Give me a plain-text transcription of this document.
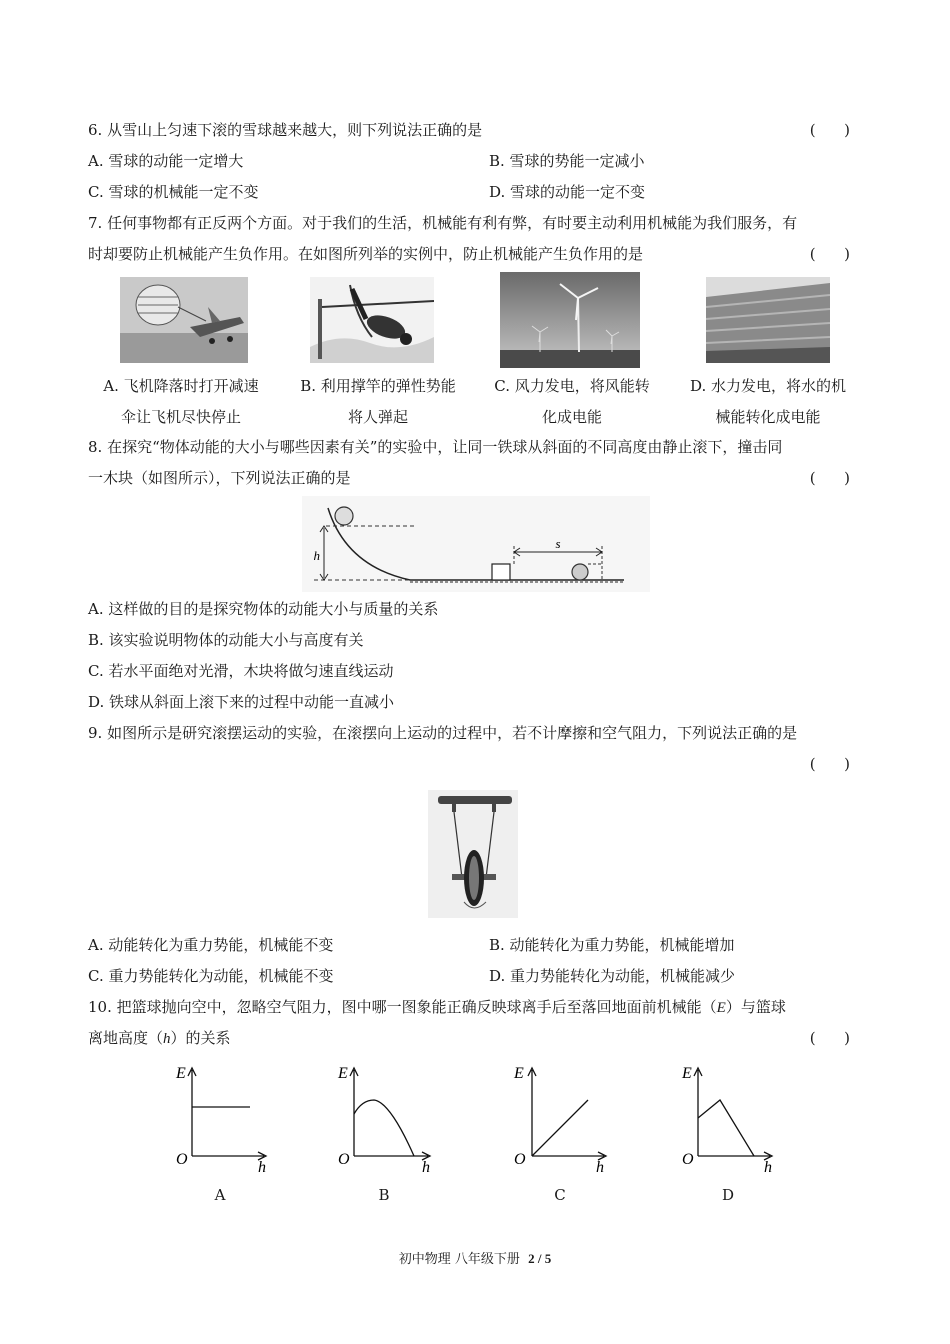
6. 从雪山上匀速下滚的雪球越来越大，则下列说法正确的是	(      )
A. 雪球的动能一定增大	B. 雪球的势能一定减小
C. 雪球的机械能一定不变	D. 雪球的动能一定不变
7. 任何事物都有正反两个方面。对于我们的生活，机械能有利有弊，有时要主动利用机械能为我们服务，有
时却要防止机械能产生负作用。在如图所列举的实例中，防止机械能产生负作用的是	(      )
A. 飞机降落时打开减速
伞让飞机尽快停止
B. 利用撑竿的弹性势能
将人弹起
C. 风力发电，将风能转
化成电能
D. 水力发电，将水的机
械能转化成电能
8. 在探究“物体动能的大小与哪些因素有关”的实验中，让同一铁球从斜面的不同高度由静止滚下，撞击同
一木块（如图所示），下列说法正确的是	(      )
h
s
A. 这样做的目的是探究物体的动能大小与质量的关系
B. 该实验说明物体的动能大小与高度有关
C. 若水平面绝对光滑，木块将做匀速直线运动
D. 铁球从斜面上滚下来的过程中动能一直减小
9. 如图所示是研究滚摆运动的实验，在滚摆向上运动的过程中，若不计摩擦和空气阻力，下列说法正确的是
(      )
A. 动能转化为重力势能，机械能不变	B. 动能转化为重力势能，机械能增加
C. 重力势能转化为动能，机械能不变	D. 重力势能转化为动能，机械能减少
10. 把篮球抛向空中，忽略空气阻力，图中哪一图象能正确反映球离手后至落回地面前机械能（E）与篮球
离地高度（h）的关系	(      )
E
O	h
E
O	h
E
O	h
E
O	h
A	B	C	D
初中物理 八年级下册 2 / 5
